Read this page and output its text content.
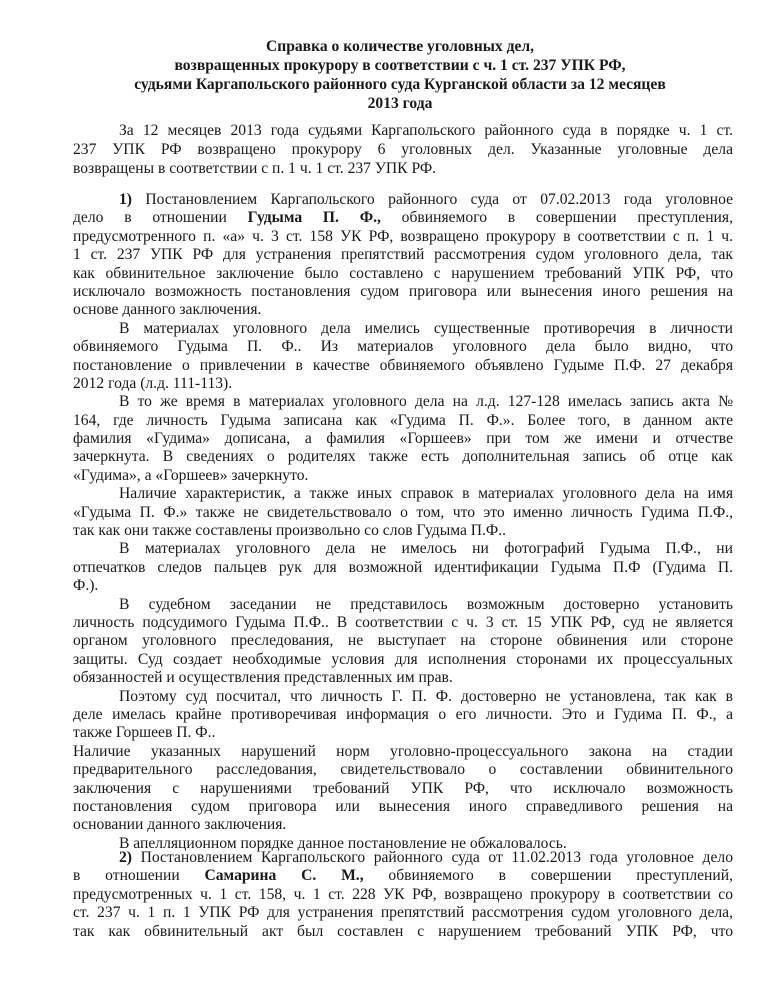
Справка о количестве уголовных дел,
возвращенных прокурору в соответствии с ч. 1 ст. 237 УПК РФ,
судьями Каргапольского районного суда Курганской области за 12 месяцев
2013 года
За 12 месяцев 2013 года судьями Каргапольского районного суда в порядке ч. 1 ст.
237 УПК РФ возвращено прокурору 6 уголовных дел. Указанные уголовные дела
возвращены в соответствии с п. 1 ч. 1 ст. 237 УПК РФ.
1) Постановлением Каргапольского районного суда от 07.02.2013 года уголовное
дело в отношении Гудыма П. Ф., обвиняемого в совершении преступления,
предусмотренного п. «а» ч. 3 ст. 158 УК РФ, возвращено прокурору в соответствии с п. 1 ч.
1 ст. 237 УПК РФ для устранения препятствий рассмотрения судом уголовного дела, так
как обвинительное заключение было составлено с нарушением требований УПК РФ, что
исключало возможность постановления судом приговора или вынесения иного решения на
основе данного заключения.
В материалах уголовного дела имелись существенные противоречия в личности
обвиняемого Гудыма П. Ф.. Из материалов уголовного дела было видно, что
постановление о привлечении в качестве обвиняемого объявлено Гудыме П.Ф. 27 декабря
2012 года (л.д. 111-113).
В то же время в материалах уголовного дела на л.д. 127-128 имелась запись акта №
164, где личность Гудыма записана как «Гудима П. Ф.». Более того, в данном акте
фамилия «Гудима» дописана, а фамилия «Горшеев» при том же имени и отчестве
зачеркнута. В сведениях о родителях также есть дополнительная запись об отце как
«Гудима», а «Горшеев» зачеркнуто.
Наличие характеристик, а также иных справок в материалах уголовного дела на имя
«Гудыма П. Ф.» также не свидетельствовало о том, что это именно личность Гудима П.Ф.,
так как они также составлены произвольно со слов Гудыма П.Ф..
В материалах уголовного дела не имелось ни фотографий Гудыма П.Ф., ни
отпечатков следов пальцев рук для возможной идентификации Гудыма П.Ф (Гудима П.
Ф.).
В судебном заседании не представилось возможным достоверно установить
личность подсудимого Гудыма П.Ф.. В соответствии с ч. 3 ст. 15 УПК РФ, суд не является
органом уголовного преследования, не выступает на стороне обвинения или стороне
защиты. Суд создает необходимые условия для исполнения сторонами их процессуальных
обязанностей и осуществления представленных им прав.
Поэтому суд посчитал, что личность Г. П. Ф. достоверно не установлена, так как в
деле имелась крайне противоречивая информация о его личности. Это и Гудима П. Ф., а
также Горшеев П. Ф..
Наличие указанных нарушений норм уголовно-процессуального закона на стадии
предварительного расследования, свидетельствовало о составлении обвинительного
заключения с нарушениями требований УПК РФ, что исключало возможность
постановления судом приговора или вынесения иного справедливого решения на
основании данного заключения.
В апелляционном порядке данное постановление не обжаловалось.
2) Постановлением Каргапольского районного суда от 11.02.2013 года уголовное дело
в отношении Самарина С. М., обвиняемого в совершении преступлений,
предусмотренных ч. 1 ст. 158, ч. 1 ст. 228 УК РФ, возвращено прокурору в соответствии со
ст. 237 ч. 1 п. 1 УПК РФ для устранения препятствий рассмотрения судом уголовного дела,
так как обвинительный акт был составлен с нарушением требований УПК РФ, что
